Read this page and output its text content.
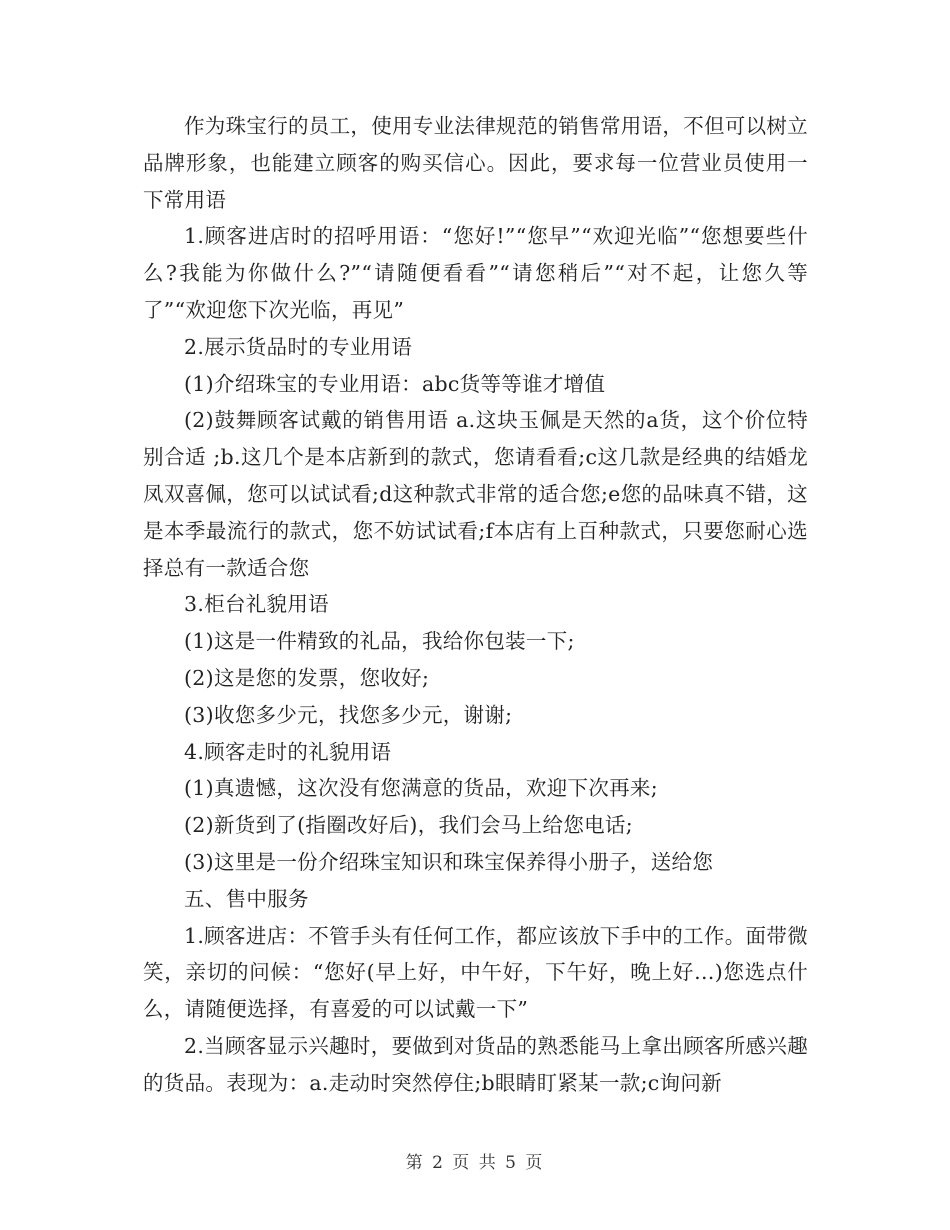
作为珠宝行的员工，使用专业法律规范的销售常用语，不但可以树立品牌形象，也能建立顾客的购买信心。因此，要求每一位营业员使用一下常用语

1.顾客进店时的招呼用语：“您好!”“您早”“欢迎光临”“您想要些什么?我能为你做什么?”“请随便看看”“请您稍后”“对不起，让您久等了”“欢迎您下次光临，再见”

2.展示货品时的专业用语

(1)介绍珠宝的专业用语：abc货等等谁才增值

(2)鼓舞顾客试戴的销售用语 a.这块玉佩是天然的a货，这个价位特别合适 ;b.这几个是本店新到的款式，您请看看;c这几款是经典的结婚龙凤双喜佩，您可以试试看;d这种款式非常的适合您;e您的品味真不错，这是本季最流行的款式，您不妨试试看;f本店有上百种款式，只要您耐心选择总有一款适合您

3.柜台礼貌用语

(1)这是一件精致的礼品，我给你包装一下;

(2)这是您的发票，您收好;

(3)收您多少元，找您多少元，谢谢;

4.顾客走时的礼貌用语

(1)真遗憾，这次没有您满意的货品，欢迎下次再来;

(2)新货到了(指圈改好后)，我们会马上给您电话;

(3)这里是一份介绍珠宝知识和珠宝保养得小册子，送给您

五、售中服务

1.顾客进店：不管手头有任何工作，都应该放下手中的工作。面带微笑，亲切的问候：“您好(早上好，中午好，下午好，晚上好…)您选点什么，请随便选择，有喜爱的可以试戴一下”

2.当顾客显示兴趣时，要做到对货品的熟悉能马上拿出顾客所感兴趣的货品。表现为：a.走动时突然停住;b眼睛盯紧某一款;c询问新

第 2 页 共 5 页
